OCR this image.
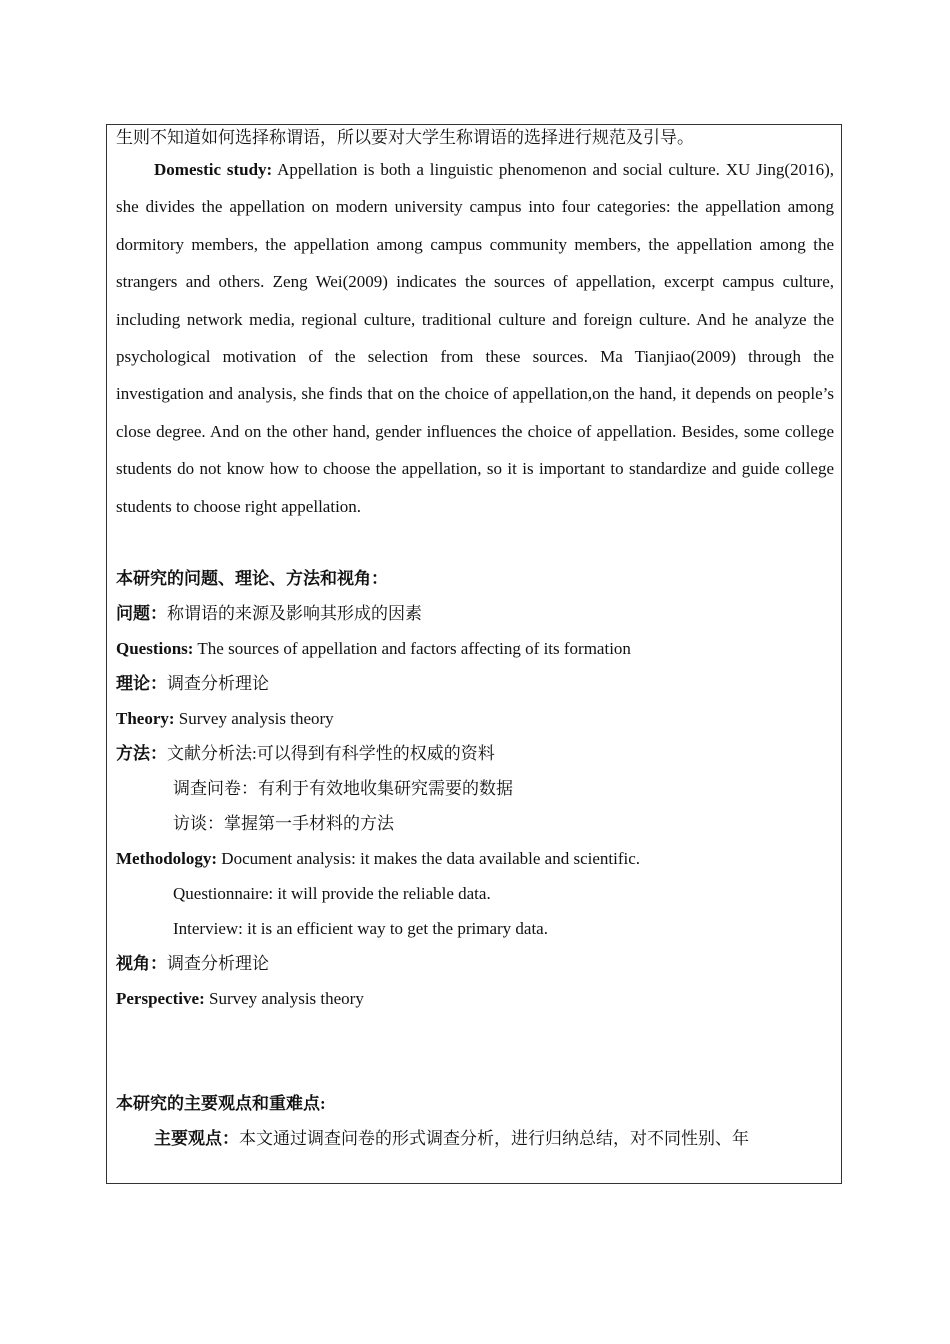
生则不知道如何选择称谓语，所以要对大学生称谓语的选择进行规范及引导。

Domestic study: Appellation is both a linguistic phenomenon and social culture. XU Jing(2016), she divides the appellation on modern university campus into four categories: the appellation among dormitory members, the appellation among campus community members, the appellation among the strangers and others. Zeng Wei(2009) indicates the sources of appellation, excerpt campus culture, including network media, regional culture, traditional culture and foreign culture. And he analyze the psychological motivation of the selection from these sources. Ma Tianjiao(2009) through the investigation and analysis, she finds that on the choice of appellation,on the hand, it depends on people’s close degree. And on the other hand, gender influences the choice of appellation. Besides, some college students do not know how to choose the appellation, so it is important to standardize and guide college students to choose right appellation.

本研究的问题、理论、方法和视角：

问题：称谓语的来源及影响其形成的因素

Questions: The sources of appellation and factors affecting of its formation

理论：调查分析理论

Theory: Survey analysis theory

方法：文献分析法:可以得到有科学性的权威的资料

调查问卷：有利于有效地收集研究需要的数据

访谈：掌握第一手材料的方法

Methodology: Document analysis: it makes the data available and scientific.

Questionnaire: it will provide the reliable data.

Interview: it is an efficient way to get the primary data.

视角：调查分析理论

Perspective: Survey analysis theory

本研究的主要观点和重难点:

主要观点：本文通过调查问卷的形式调查分析，进行归纳总结，对不同性别、年
